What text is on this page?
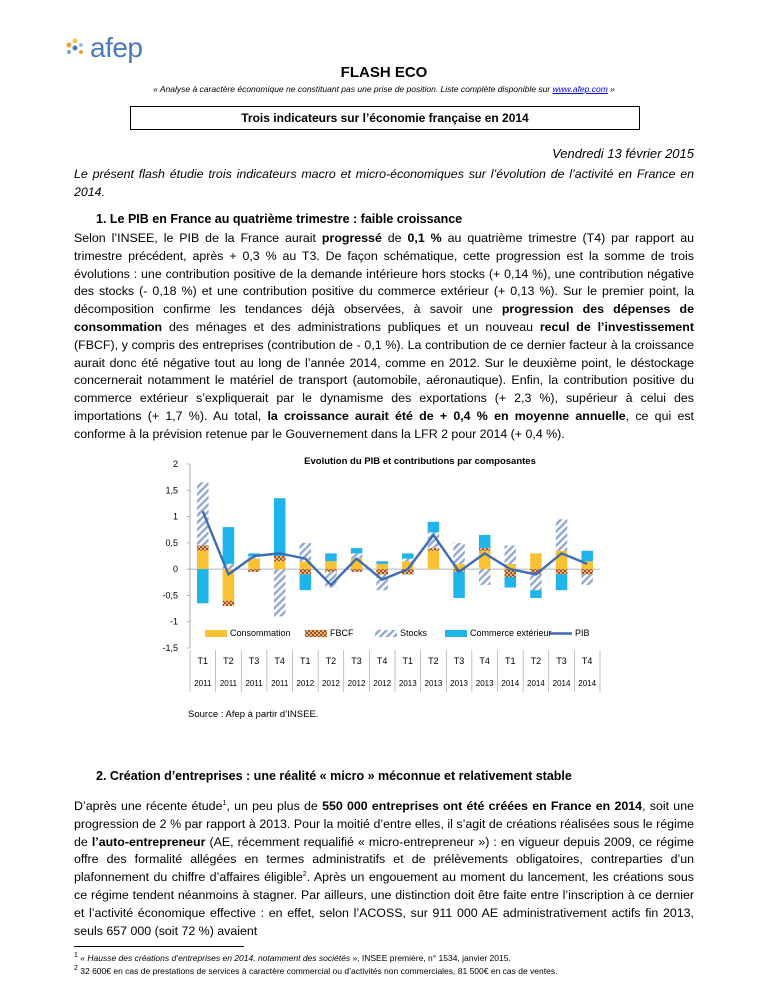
afep
FLASH ECO
« Analyse à caractère économique ne constituant pas une prise de position. Liste complète disponible sur www.afep.com »
Trois indicateurs sur l’économie française en 2014
Vendredi 13 février 2015
Le présent flash étudie trois indicateurs macro et micro-économiques sur l’évolution de l’activité en France en 2014.
1. Le PIB en France au quatrième trimestre : faible croissance
Selon l’INSEE, le PIB de la France aurait progressé de 0,1 % au quatrième trimestre (T4) par rapport au trimestre précédent, après + 0,3 % au T3. De façon schématique, cette progression est la somme de trois évolutions : une contribution positive de la demande intérieure hors stocks (+ 0,14 %), une contribution négative des stocks (- 0,18 %) et une contribution positive du commerce extérieur (+ 0,13 %). Sur le premier point, la décomposition confirme les tendances déjà observées, à savoir une progression des dépenses de consommation des ménages et des administrations publiques et un nouveau recul de l’investissement (FBCF), y compris des entreprises (contribution de - 0,1 %). La contribution de ce dernier facteur à la croissance aurait donc été négative tout au long de l’année 2014, comme en 2012. Sur le deuxième point, le déstockage concernerait notamment le matériel de transport (automobile, aéronautique). Enfin, la contribution positive du commerce extérieur s’expliquerait par le dynamisme des exportations (+ 2,3 %), supérieur à celui des importations (+ 1,7 %). Au total, la croissance aurait été de + 0,4 % en moyenne annuelle, ce qui est conforme à la prévision retenue par le Gouvernement dans la LFR 2 pour 2014 (+ 0,4 %).
Evolution du PIB et contributions par composantes
2
1,5
1
0,5
0
-0,5
-1
-1,5
T1
2011
T2
2011
T3
2011
T4
2011
T1
2012
T2
2012
T3
2012
T4
2012
T1
2013
T2
2013
T3
2013
T4
2013
T1
2014
T2
2014
T3
2014
T4
2014
Consommation	FBCF	Stocks	Commerce extérieur	PIB
Source : Afep à partir d’INSEE.
2. Création d’entreprises : une réalité « micro » méconnue et relativement stable
D’après une récente étude$^1$, un peu plus de 550 000 entreprises ont été créées en France en 2014, soit une progression de 2 % par rapport à 2013. Pour la moitié d’entre elles, il s’agit de créations réalisées sous le régime de l’auto-entrepreneur (AE, récemment requalifié « micro-entrepreneur ») : en vigueur depuis 2009, ce régime offre des formalité allégées en termes administratifs et de prélèvements obligatoires, contreparties d’un plafonnement du chiffre d’affaires éligible$^2$. Après un engouement au moment du lancement, les créations sous ce régime tendent néanmoins à stagner. Par ailleurs, une distinction doit être faite entre l’inscription à ce dernier et l’activité économique effective : en effet, selon l’ACOSS, sur 911 000 AE administrativement actifs fin 2013, seuls 657 000 (soit 72 %) avaient
$^1$ « Hausse des créations d’entreprises en 2014, notamment des sociétés », INSEE première, n° 1534, janvier 2015.
$^2$ 32 600€ en cas de prestations de services à caractère commercial ou d’activités non commerciales, 81 500€ en cas de ventes.
